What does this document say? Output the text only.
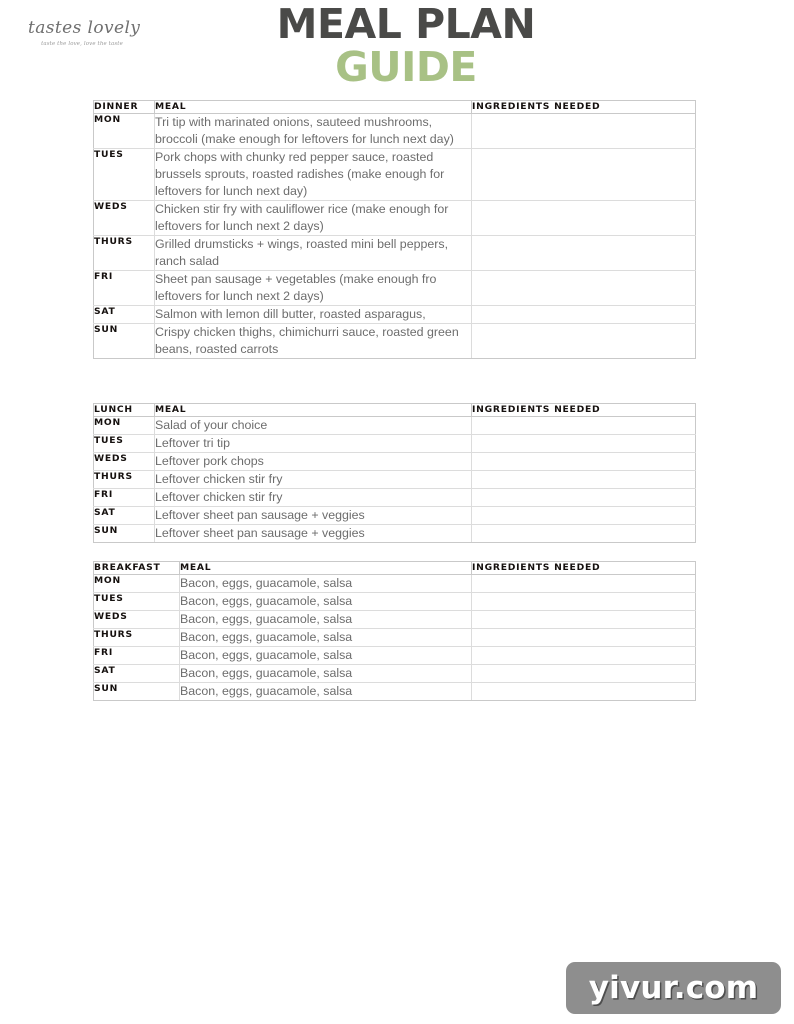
tastes lovely
taste the love, love the taste	MEAL PLAN
GUIDE
DINNER	MEAL	INGREDIENTS NEEDED
MON	Tri tip with marinated onions, sauteed mushrooms, broccoli (make enough for leftovers for lunch next day)	
TUES	Pork chops with chunky red pepper sauce, roasted brussels sprouts, roasted radishes (make enough for leftovers for lunch next day)	
WEDS	Chicken stir fry with cauliflower rice (make enough for leftovers for lunch next 2 days)	
THURS	Grilled drumsticks + wings, roasted mini bell peppers, ranch salad	
FRI	Sheet pan sausage + vegetables (make enough fro leftovers for lunch next 2 days)	
SAT	Salmon with lemon dill butter, roasted asparagus,	
SUN	Crispy chicken thighs, chimichurri sauce, roasted green beans, roasted carrots	
LUNCH	MEAL	INGREDIENTS NEEDED
MON	Salad of your choice	
TUES	Leftover tri tip	
WEDS	Leftover pork chops	
THURS	Leftover chicken stir fry	
FRI	Leftover chicken stir fry	
SAT	Leftover sheet pan sausage + veggies	
SUN	Leftover sheet pan sausage + veggies	
BREAKFAST	MEAL	INGREDIENTS NEEDED
MON	Bacon, eggs, guacamole, salsa	
TUES	Bacon, eggs, guacamole, salsa	
WEDS	Bacon, eggs, guacamole, salsa	
THURS	Bacon, eggs, guacamole, salsa	
FRI	Bacon, eggs, guacamole, salsa	
SAT	Bacon, eggs, guacamole, salsa	
SUN	Bacon, eggs, guacamole, salsa	
yivur.com
